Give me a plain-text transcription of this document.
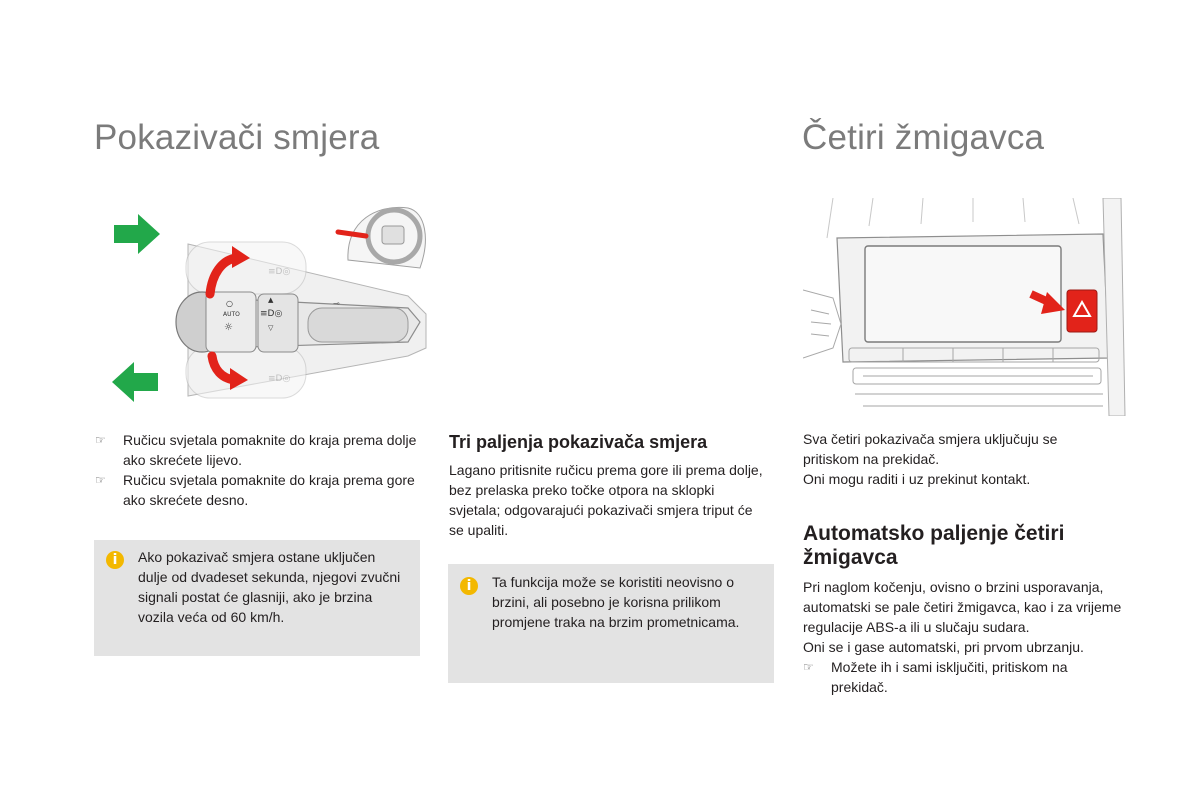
Pokazivači smjera
≡D◎
≡D◎
AUTO
○
☼
≡D◎
▲
▽
⊸
☞ Ručicu svjetala pomaknite do kraja prema dolje ako skrećete lijevo.
☞ Ručicu svjetala pomaknite do kraja prema gore ako skrećete desno.
i	Ako pokazivač smjera ostane uključen dulje od dvadeset sekunda, njegovi zvučni signali postat će glasniji, ako je brzina vozila veća od 60 km/h.
Tri paljenja pokazivača smjera
Lagano pritisnite ručicu prema gore ili prema dolje, bez prelaska preko točke otpora na sklopki svjetala; odgovarajući pokazivači smjera triput će se upaliti.
i	Ta funkcija može se koristiti neovisno o brzini, ali posebno je korisna prilikom promjene traka na brzim prometnicama.
Četiri žmigavca

Sva četiri pokazivača smjera uključuju se pritiskom na prekidač.

Oni mogu raditi i uz prekinut kontakt.

Automatsko paljenje četiri žmigavca

Pri naglom kočenju, ovisno o brzini usporavanja, automatski se pale četiri žmigavca, kao i za vrijeme regulacije ABS-a ili u slučaju sudara.

Oni se i gase automatski, pri prvom ubrzanju.

☞ Možete ih i sami isključiti, pritiskom na prekidač.
